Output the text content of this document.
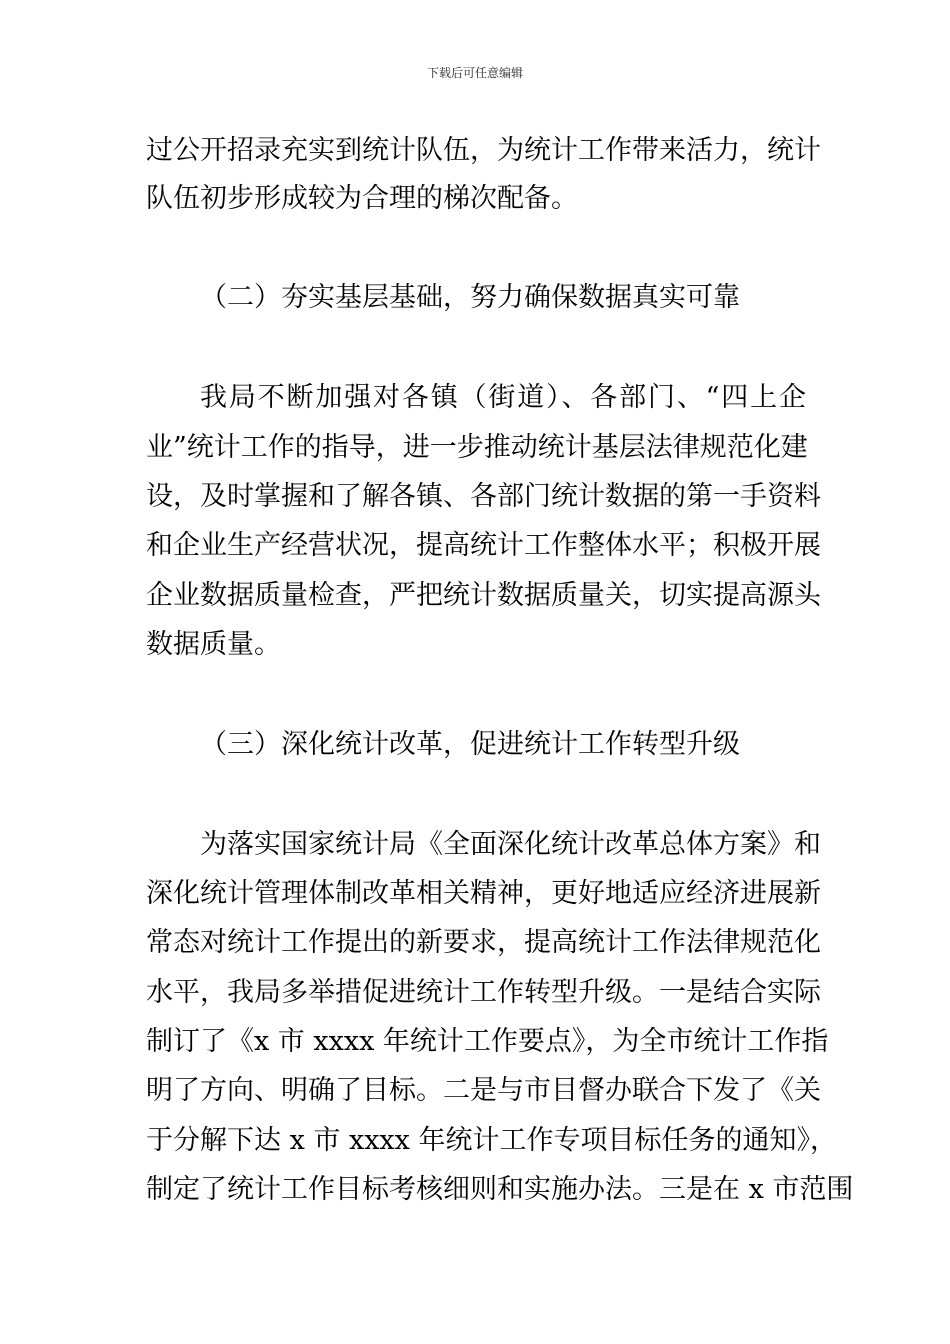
下载后可任意编辑
过公开招录充实到统计队伍，为统计工作带来活力，统计
队伍初步形成较为合理的梯次配备。
（二）夯实基层基础，努力确保数据真实可靠
我局不断加强对各镇（街道）、各部门、“四上企
业”统计工作的指导，进一步推动统计基层法律规范化建
设，及时掌握和了解各镇、各部门统计数据的第一手资料
和企业生产经营状况，提高统计工作整体水平；积极开展
企业数据质量检查，严把统计数据质量关，切实提高源头
数据质量。
（三）深化统计改革，促进统计工作转型升级
为落实国家统计局《全面深化统计改革总体方案》和
深化统计管理体制改革相关精神，更好地适应经济进展新
常态对统计工作提出的新要求，提高统计工作法律规范化
水平，我局多举措促进统计工作转型升级。一是结合实际
制订了《x 市 xxxx 年统计工作要点》，为全市统计工作指
明了方向、明确了目标。二是与市目督办联合下发了《关
于分解下达 x 市 xxxx 年统计工作专项目标任务的通知》，
制定了统计工作目标考核细则和实施办法。三是在 x 市范围
